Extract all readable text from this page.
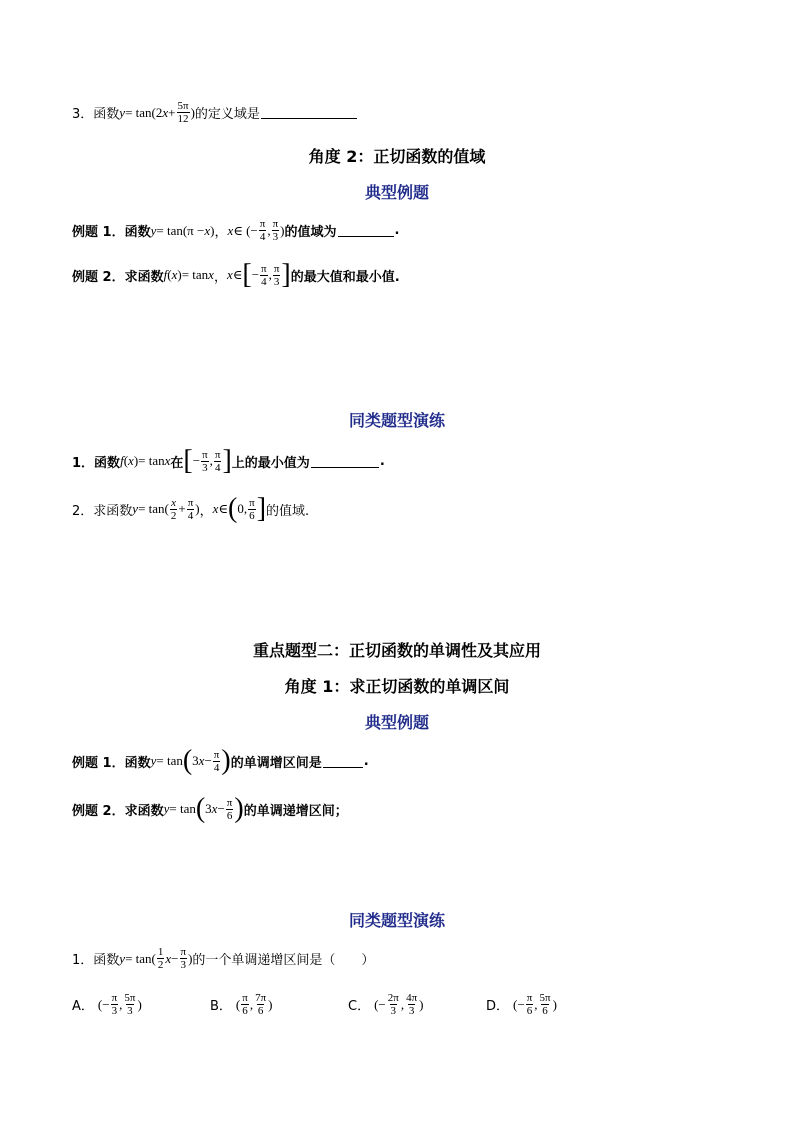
3． 函数 y = tan(2 $x + \frac{5\pi}{12}$ ) 的定义域是
角度 2：正切函数的值域
典型例题
例题 1． 函数 y = tan(π − x ) ， x ∈ (− $\frac{\pi}{4}$ , $\frac{\pi}{3}$ ) 的值域为	.
例题 2． 求函数 f ( x ) = tan x ， x ∈ [ − $\frac{\pi}{4}$ , $\frac{\pi}{3}$ ] 的最大值和最小值.
同类题型演练
1． 函数 f ( x ) = tan x 在 [ − $\frac{\pi}{3}$ , $\frac{\pi}{4}$ ] 上的最小值为	.
2． 求函数 $y = \tan( \frac{x}{2} + \frac{\pi}{4}$ ) ， x ∈ ( 0, $\frac{\pi}{6}$ ] 的值域.
重点题型二：正切函数的单调性及其应用
角度 1：求正切函数的单调区间
典型例题
例题 1． 函数 y = tan ( 3 $x - \frac{\pi}{4}$ ) 的单调增区间是	.
例题 2． 求函数 y = tan ( 3 $x - \frac{\pi}{6}$ ) 的单调递增区间；
同类题型演练
1． 函数 $y = \tan( \frac{1}{2}$ $x - \frac{\pi}{3}$ ) 的一个单调递增区间是（　　）
A． (− $\frac{\pi}{3}$ , $\frac{5\pi}{3}$ )	B． ( $\frac{\pi}{6}$ , $\frac{7\pi}{6}$ )	C． (− $\frac{2\pi}{3}$ , $\frac{4\pi}{3}$ )	D． (− $\frac{\pi}{6}$ , $\frac{5\pi}{6}$ )
